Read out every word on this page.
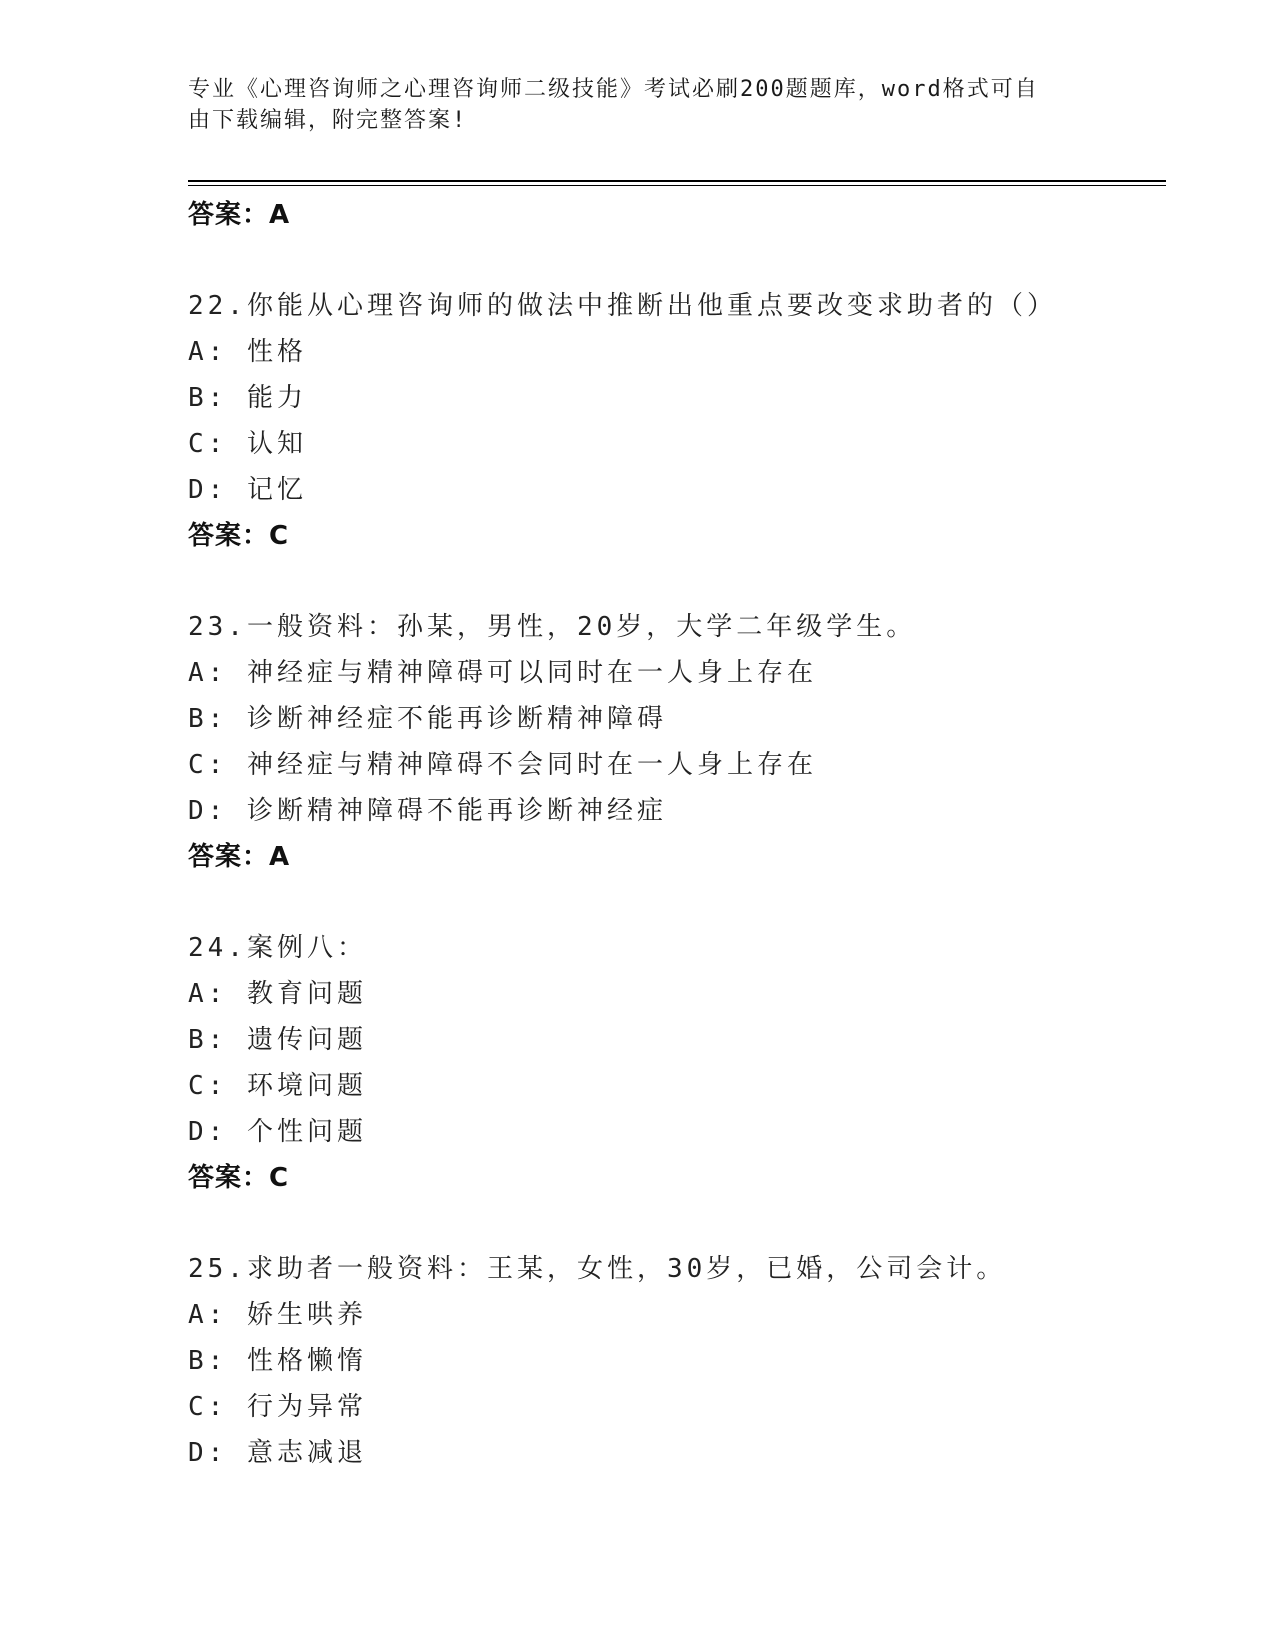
专业《心理咨询师之心理咨询师二级技能》考试必刷200题题库，word格式可自
由下载编辑，附完整答案!
答案：A
22.你能从心理咨询师的做法中推断出他重点要改变求助者的（）
A: 性格
B: 能力
C: 认知
D: 记忆
答案：C
23.一般资料：孙某，男性，20岁，大学二年级学生。
A: 神经症与精神障碍可以同时在一人身上存在
B: 诊断神经症不能再诊断精神障碍
C: 神经症与精神障碍不会同时在一人身上存在
D: 诊断精神障碍不能再诊断神经症
答案：A
24.案例八：
A: 教育问题
B: 遗传问题
C: 环境问题
D: 个性问题
答案：C
25.求助者一般资料：王某，女性，30岁，已婚，公司会计。
A: 娇生哄养
B: 性格懒惰
C: 行为异常
D: 意志减退
